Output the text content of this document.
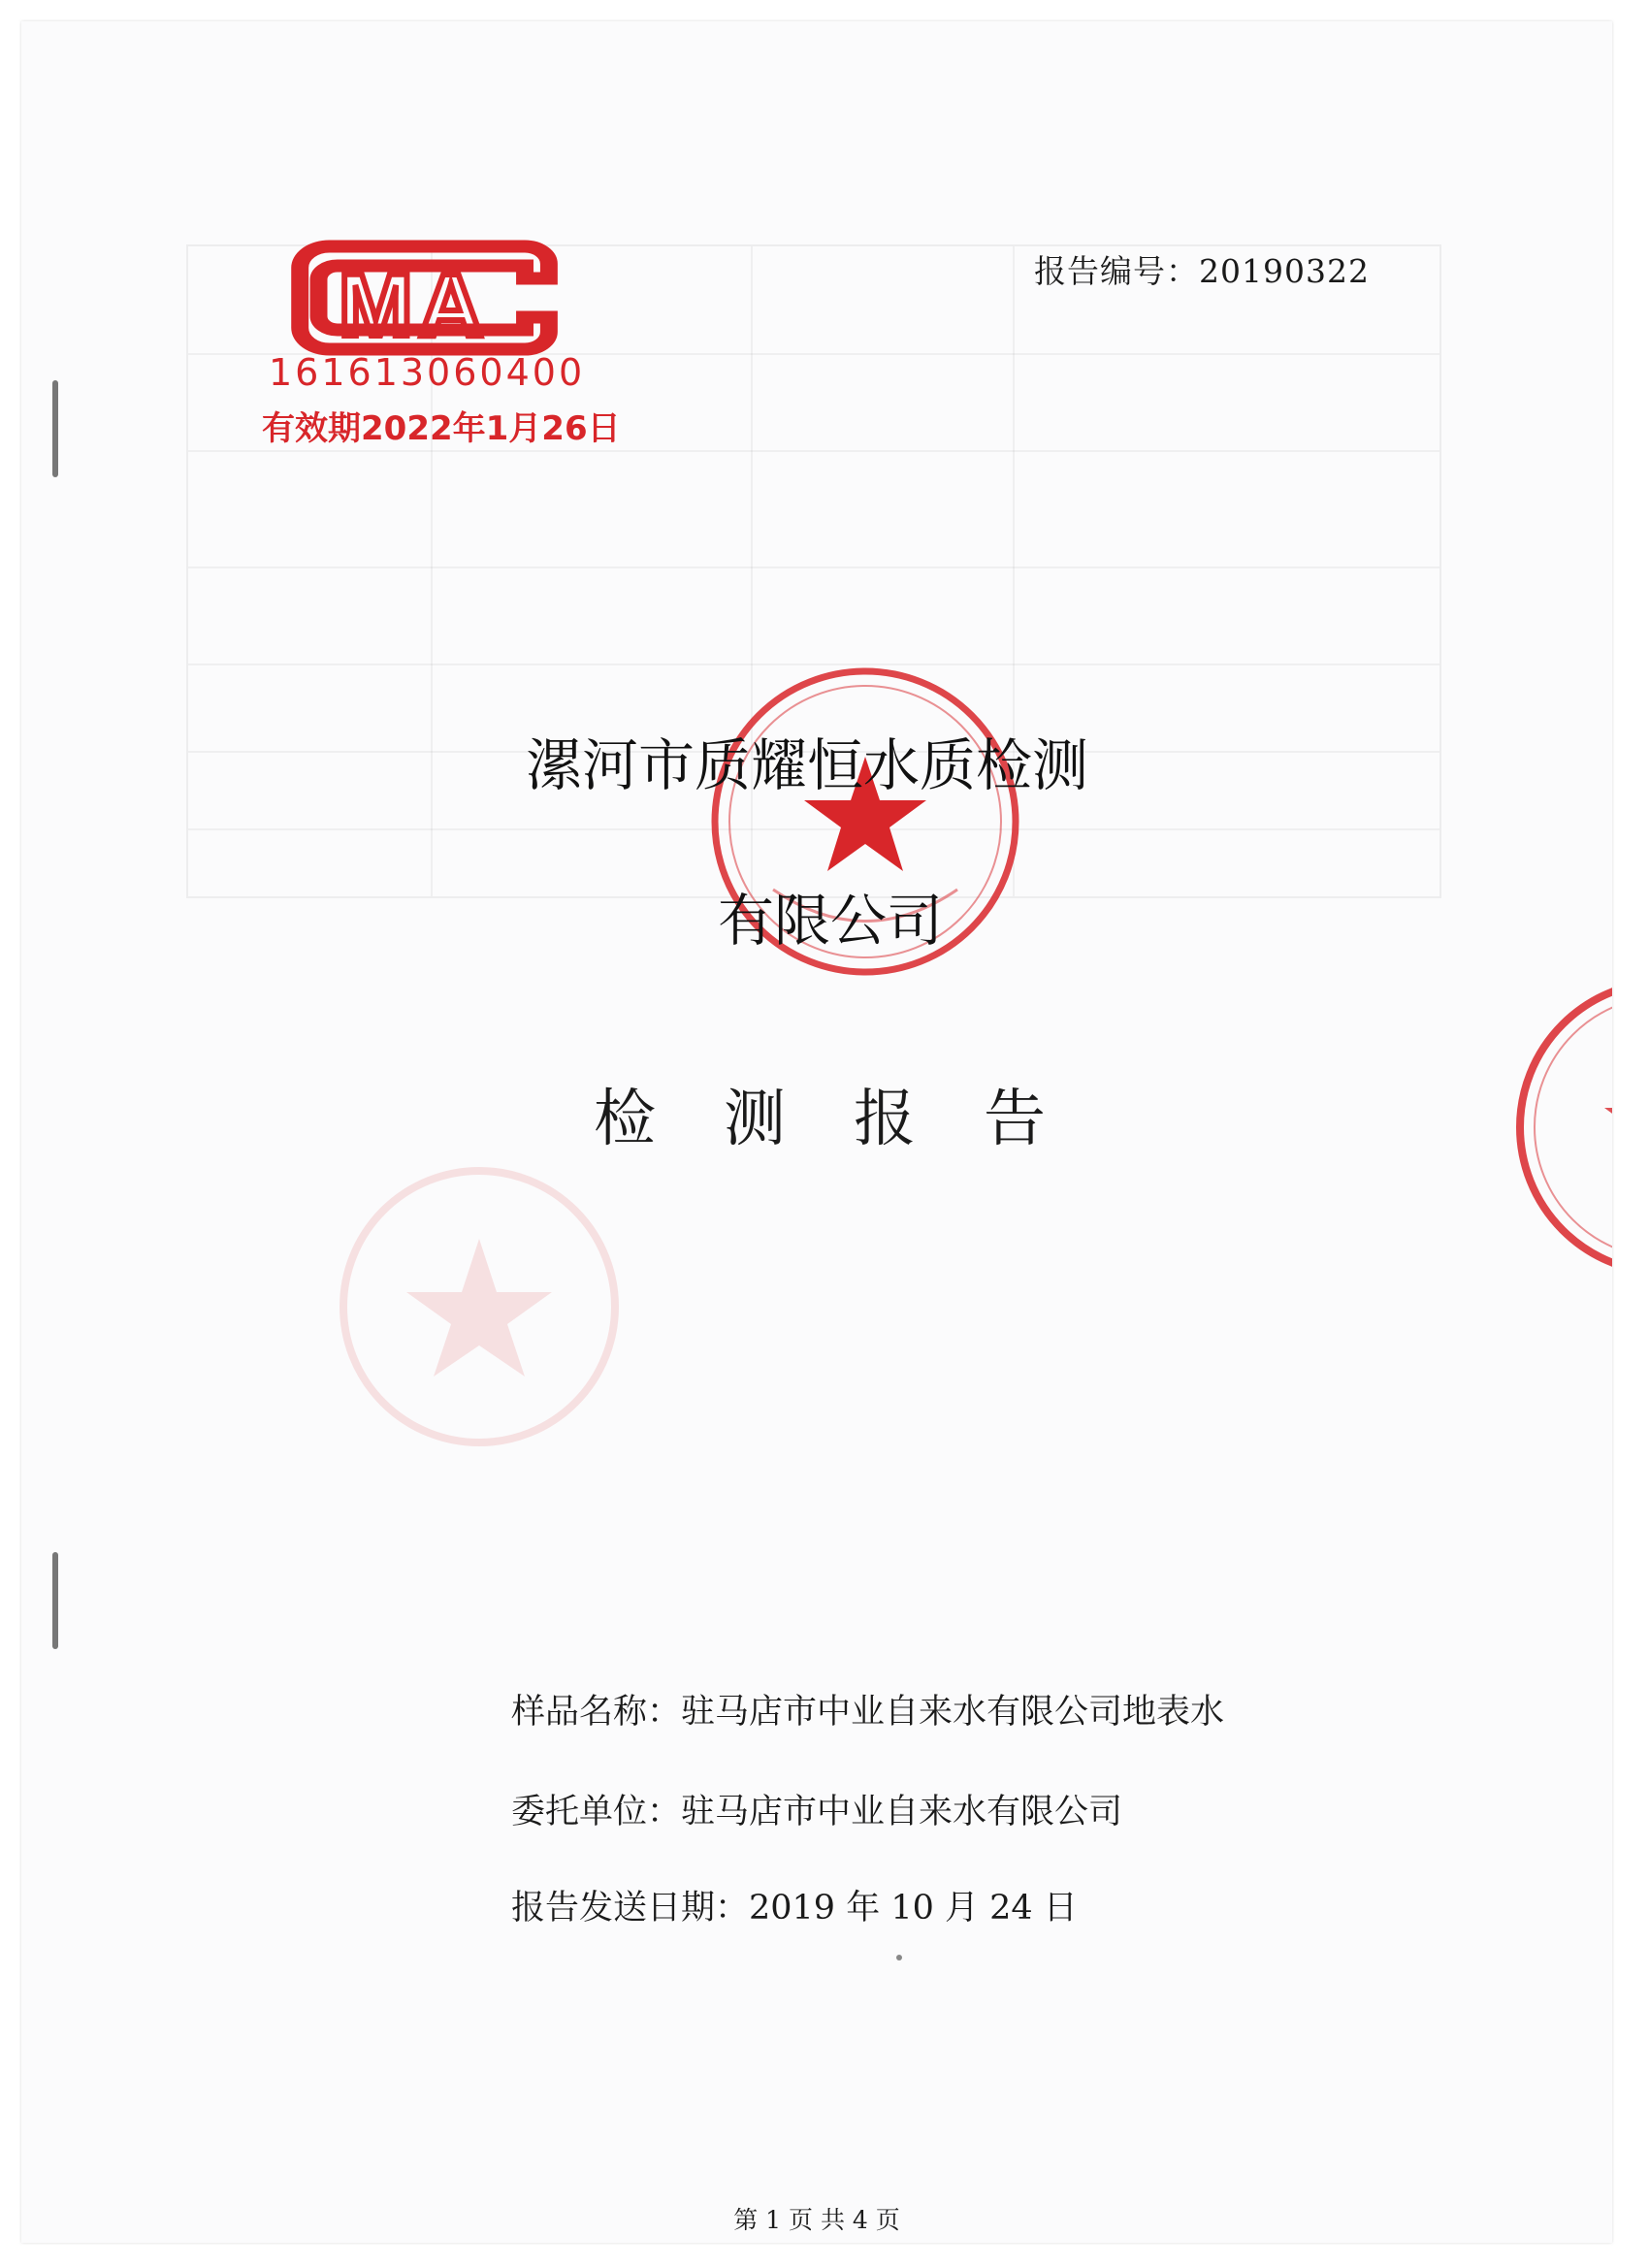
报告编号：20190322
MA
161613060400
有效期2022年1月26日
漯河市质耀恒水质检测
有限公司
检测报告
样品名称：驻马店市中业自来水有限公司地表水
委托单位：驻马店市中业自来水有限公司
报告发送日期：2019 年 10 月 24 日
第 1 页 共 4 页
